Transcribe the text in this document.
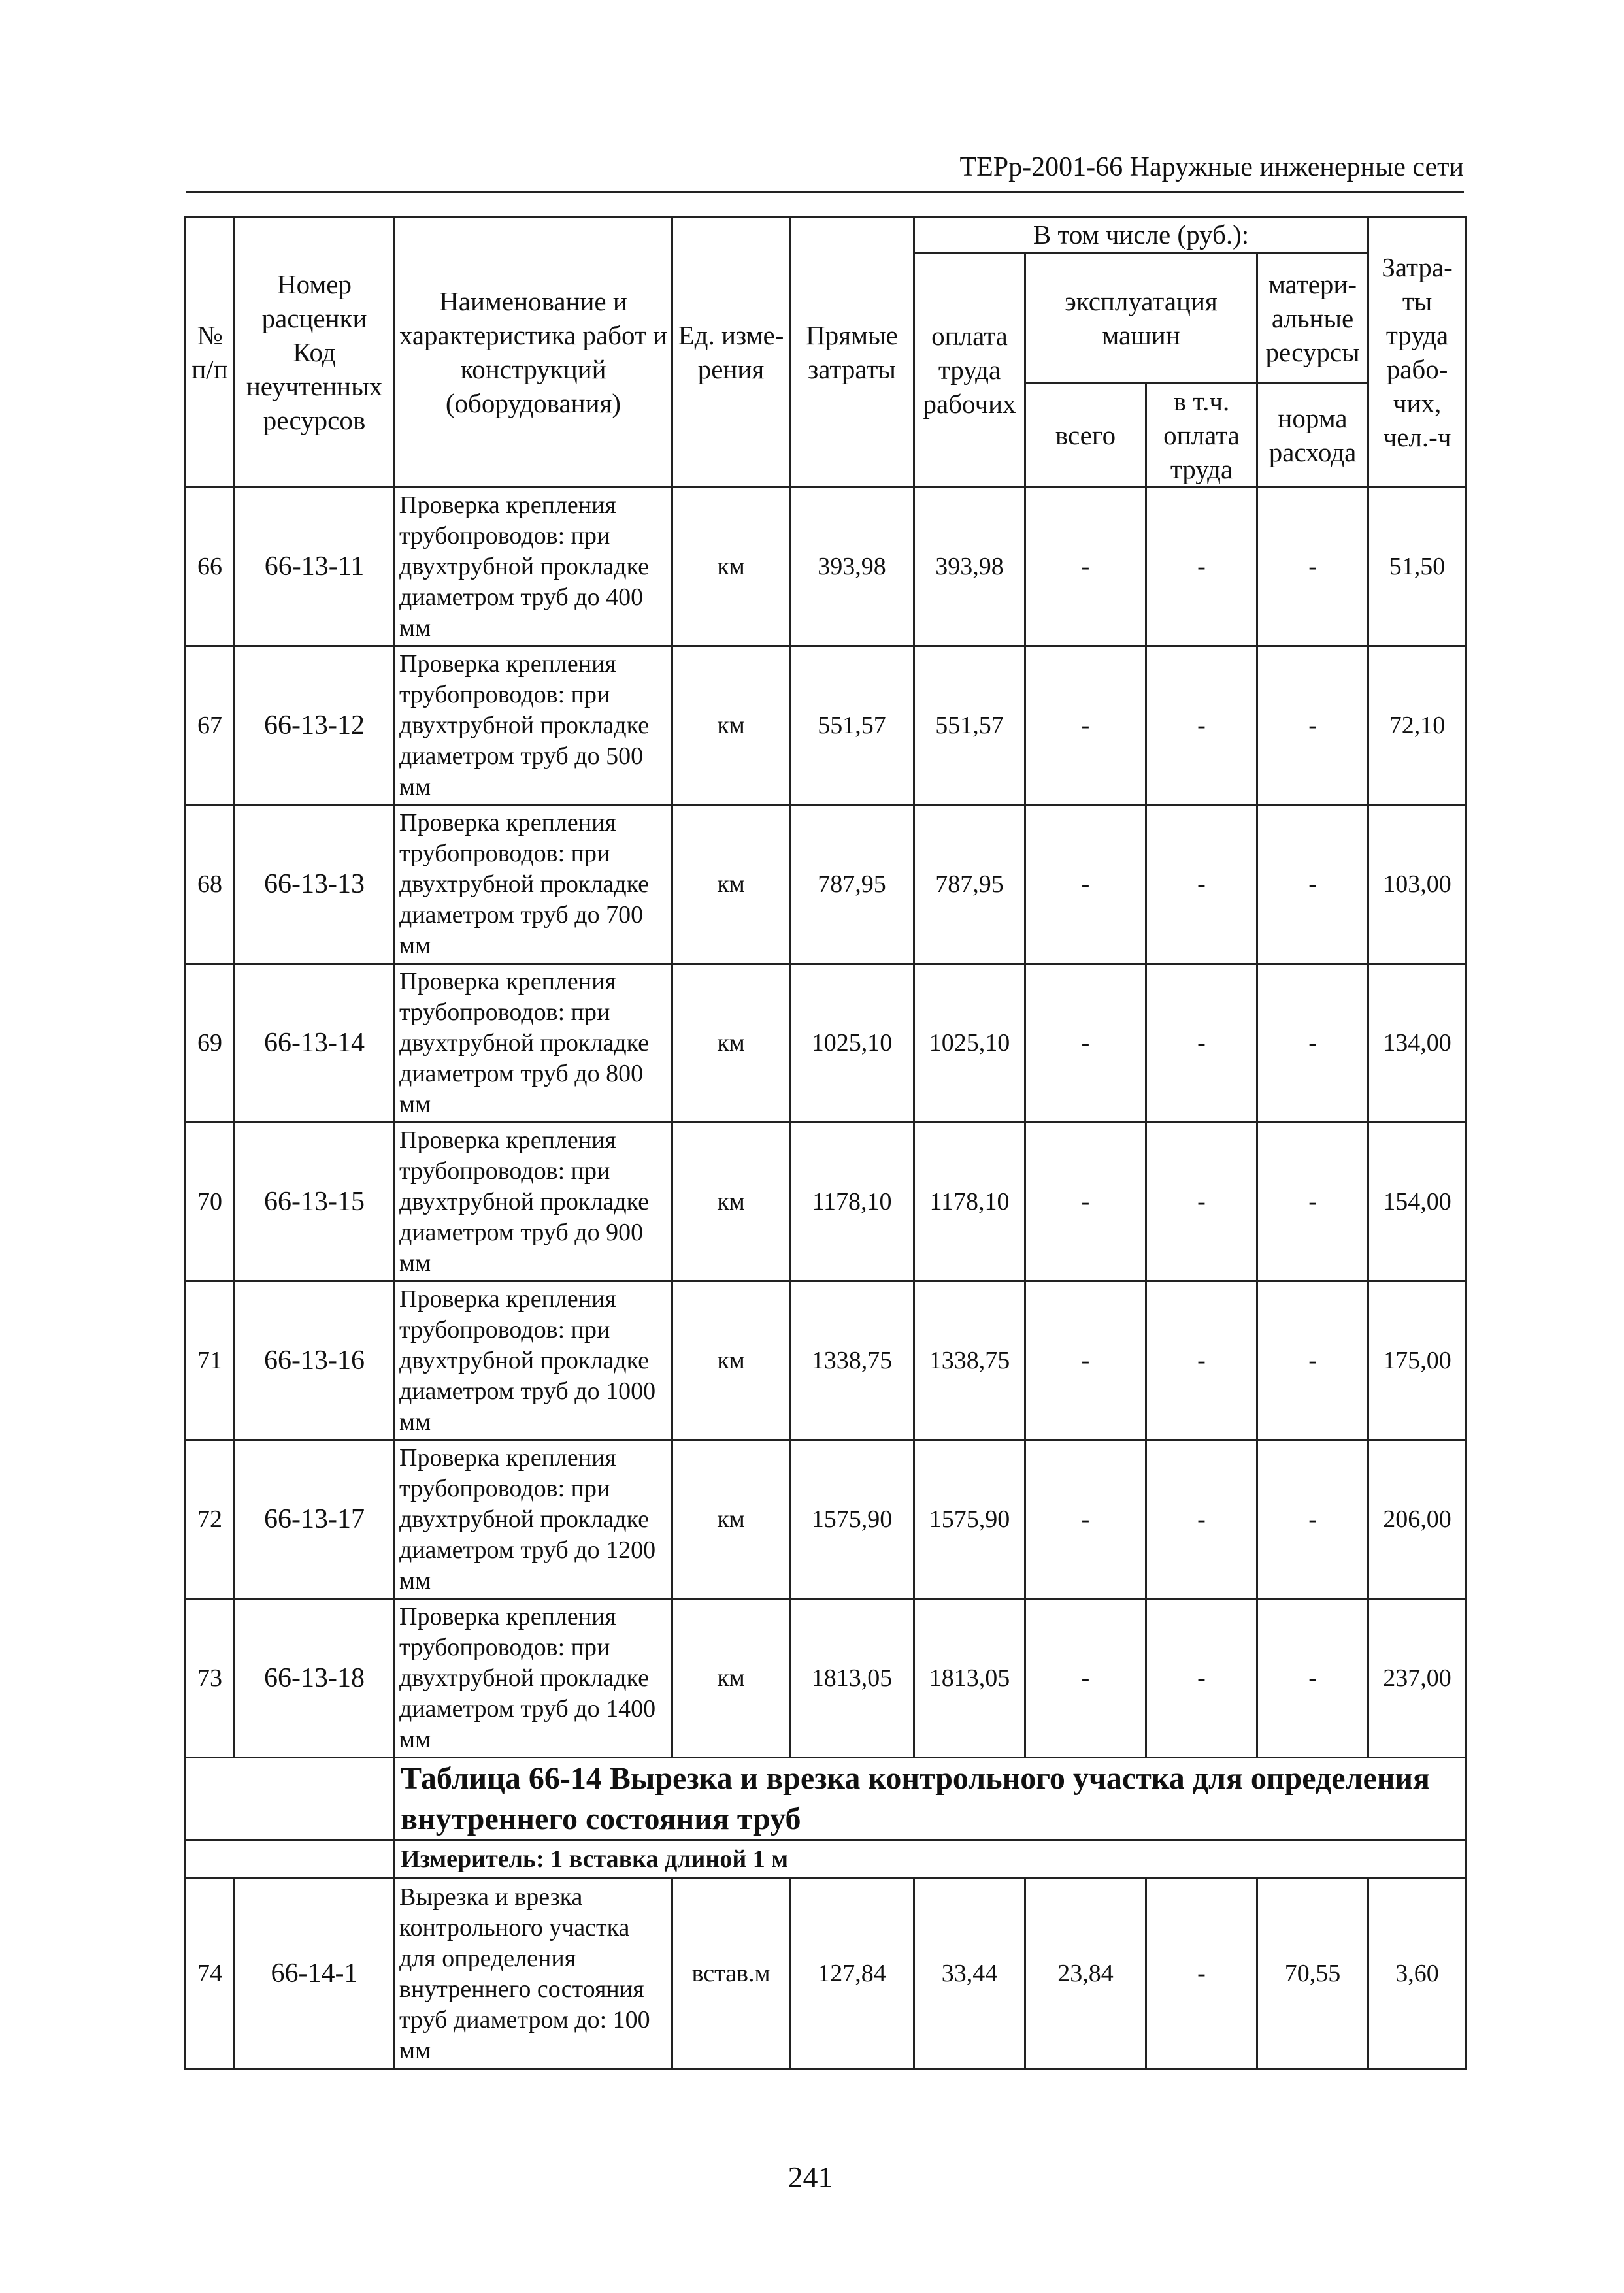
ТЕРр-2001-66 Наружные инженерные сети
№ п/п	Номер расценки Код неучтенных ресурсов	Наименование и характеристика работ и конструкций (оборудования)	Ед. изме-рения	Прямые затраты	В том числе (руб.):				Затра-ты труда рабо-чих, чел.-ч
					оплата труда рабочих	эксплуатация машин		матери-альные ресурсы	
						всего	в т.ч. оплата труда	норма расхода	

66	66-13-11	Проверка крепления трубопроводов: при двухтрубной прокладке диаметром труб до 400 мм	км	393,98	393,98	-	-	-	51,50
67	66-13-12	Проверка крепления трубопроводов: при двухтрубной прокладке диаметром труб до 500 мм	км	551,57	551,57	-	-	-	72,10
68	66-13-13	Проверка крепления трубопроводов: при двухтрубной прокладке диаметром труб до 700 мм	км	787,95	787,95	-	-	-	103,00
69	66-13-14	Проверка крепления трубопроводов: при двухтрубной прокладке диаметром труб до 800 мм	км	1025,10	1025,10	-	-	-	134,00
70	66-13-15	Проверка крепления трубопроводов: при двухтрубной прокладке диаметром труб до 900 мм	км	1178,10	1178,10	-	-	-	154,00
71	66-13-16	Проверка крепления трубопроводов: при двухтрубной прокладке диаметром труб до 1000 мм	км	1338,75	1338,75	-	-	-	175,00
72	66-13-17	Проверка крепления трубопроводов: при двухтрубной прокладке диаметром труб до 1200 мм	км	1575,90	1575,90	-	-	-	206,00
73	66-13-18	Проверка крепления трубопроводов: при двухтрубной прокладке диаметром труб до 1400 мм	км	1813,05	1813,05	-	-	-	237,00
		Таблица 66-14 Вырезка и врезка контрольного участка для определения внутреннего состояния труб							
		Измеритель: 1 вставка длиной 1 м							
74	66-14-1	Вырезка и врезка контрольного участка для определения внутреннего состояния труб диаметром до: 100 мм	встав.м	127,84	33,44	23,84	-	70,55	3,60
241
